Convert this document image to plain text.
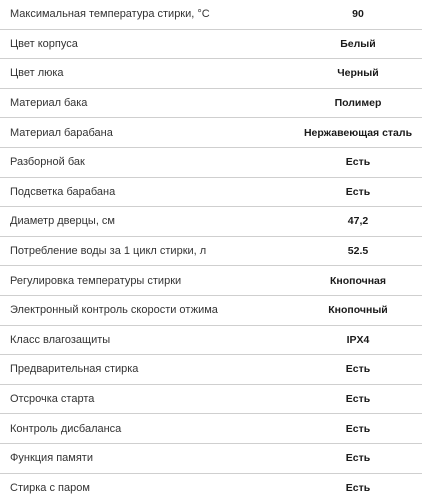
Максимальная температура стирки, °С	90
Цвет корпуса	Белый
Цвет люка	Черный
Материал бака	Полимер
Материал барабана	Нержавеющая сталь
Разборной бак	Есть
Подсветка барабана	Есть
Диаметр дверцы, см	47,2
Потребление воды за 1 цикл стирки, л	52.5
Регулировка температуры стирки	Кнопочная
Электронный контроль скорости отжима	Кнопочный
Класс влагозащиты	IPX4
Предварительная стирка	Есть
Отсрочка старта	Есть
Контроль дисбаланса	Есть
Функция памяти	Есть
Стирка с паром	Есть
